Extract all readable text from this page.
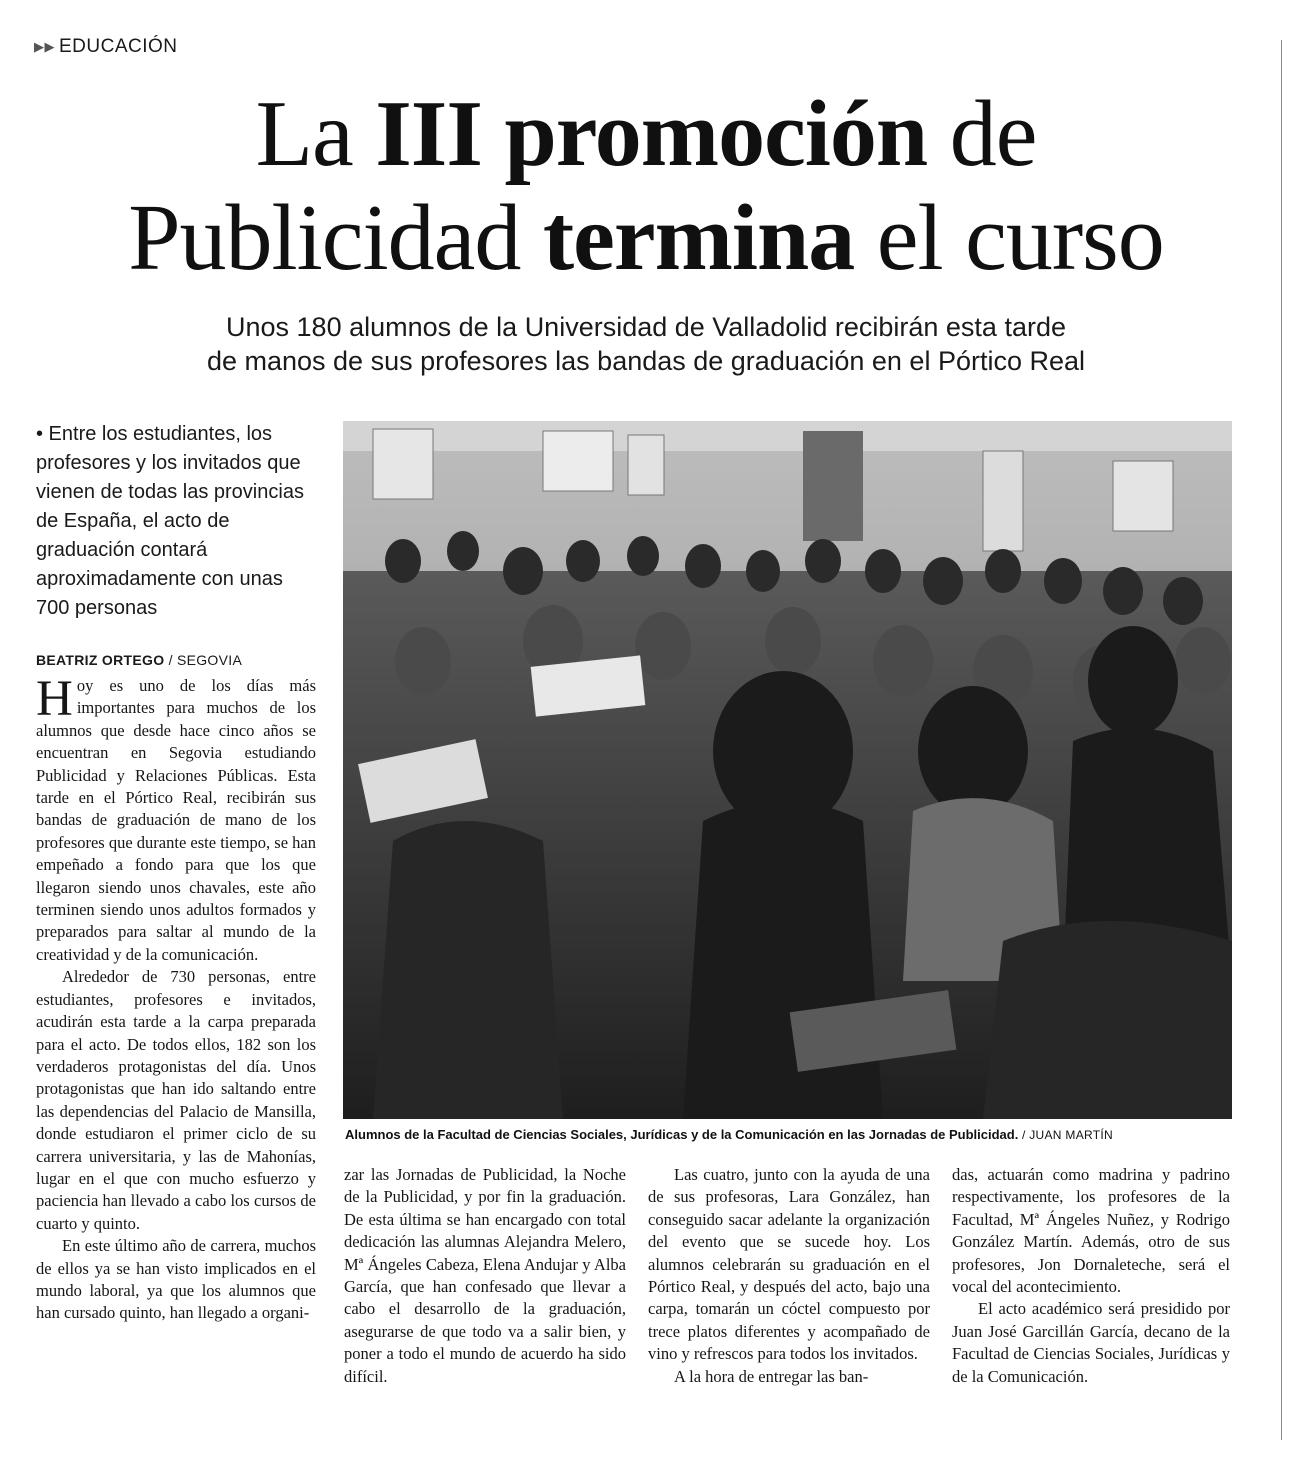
▶▶ EDUCACIÓN
La III promoción de
Publicidad termina el curso
Unos 180 alumnos de la Universidad de Valladolid recibirán esta tarde
de manos de sus profesores las bandas de graduación en el Pórtico Real
• Entre los estudiantes, los profesores y los invitados que vienen de todas las provincias de España, el acto de graduación contará aproximadamente con unas 700 personas
BEATRIZ ORTEGO / SEGOVIA

Hoy es uno de los días más importantes para muchos de los alumnos que desde hace cinco años se encuentran en Segovia estudiando Publicidad y Relaciones Públicas. Esta tarde en el Pórtico Real, recibirán sus bandas de graduación de mano de los profesores que durante este tiempo, se han empeñado a fondo para que los que llegaron siendo unos chavales, este año terminen siendo unos adultos formados y preparados para saltar al mundo de la creatividad y de la comunicación.

Alrededor de 730 personas, entre estudiantes, profesores e invitados, acudirán esta tarde a la carpa preparada para el acto. De todos ellos, 182 son los verdaderos protagonistas del día. Unos protagonistas que han ido saltando entre las dependencias del Palacio de Mansilla, donde estudiaron el primer ciclo de su carrera universitaria, y las de Mahonías, lugar en el que con mucho esfuerzo y paciencia han llevado a cabo los cursos de cuarto y quinto.

En este último año de carrera, muchos de ellos ya se han visto implicados en el mundo laboral, ya que los alumnos que han cursado quinto, han llegado a organi-

Alumnos de la Facultad de Ciencias Sociales, Jurídicas y de la Comunicación en las Jornadas de Publicidad. / JUAN MARTÍN

zar las Jornadas de Publicidad, la Noche de la Publicidad, y por fin la graduación. De esta última se han encargado con total dedicación las alumnas Alejandra Melero, Mª Ángeles Cabeza, Elena Andujar y Alba García, que han confesado que llevar a cabo el desarrollo de la graduación, asegurarse de que todo va a salir bien, y poner a todo el mundo de acuerdo ha sido difícil.

Las cuatro, junto con la ayuda de una de sus profesoras, Lara González, han conseguido sacar adelante la organización del evento que se sucede hoy. Los alumnos celebrarán su graduación en el Pórtico Real, y después del acto, bajo una carpa, tomarán un cóctel compuesto por trece platos diferentes y acompañado de vino y refrescos para todos los invitados.

A la hora de entregar las ban-

das, actuarán como madrina y padrino respectivamente, los profesores de la Facultad, Mª Ángeles Nuñez, y Rodrigo González Martín. Además, otro de sus profesores, Jon Dornaleteche, será el vocal del acontecimiento.

El acto académico será presidido por Juan José Garcillán García, decano de la Facultad de Ciencias Sociales, Jurídicas y de la Comunicación.
